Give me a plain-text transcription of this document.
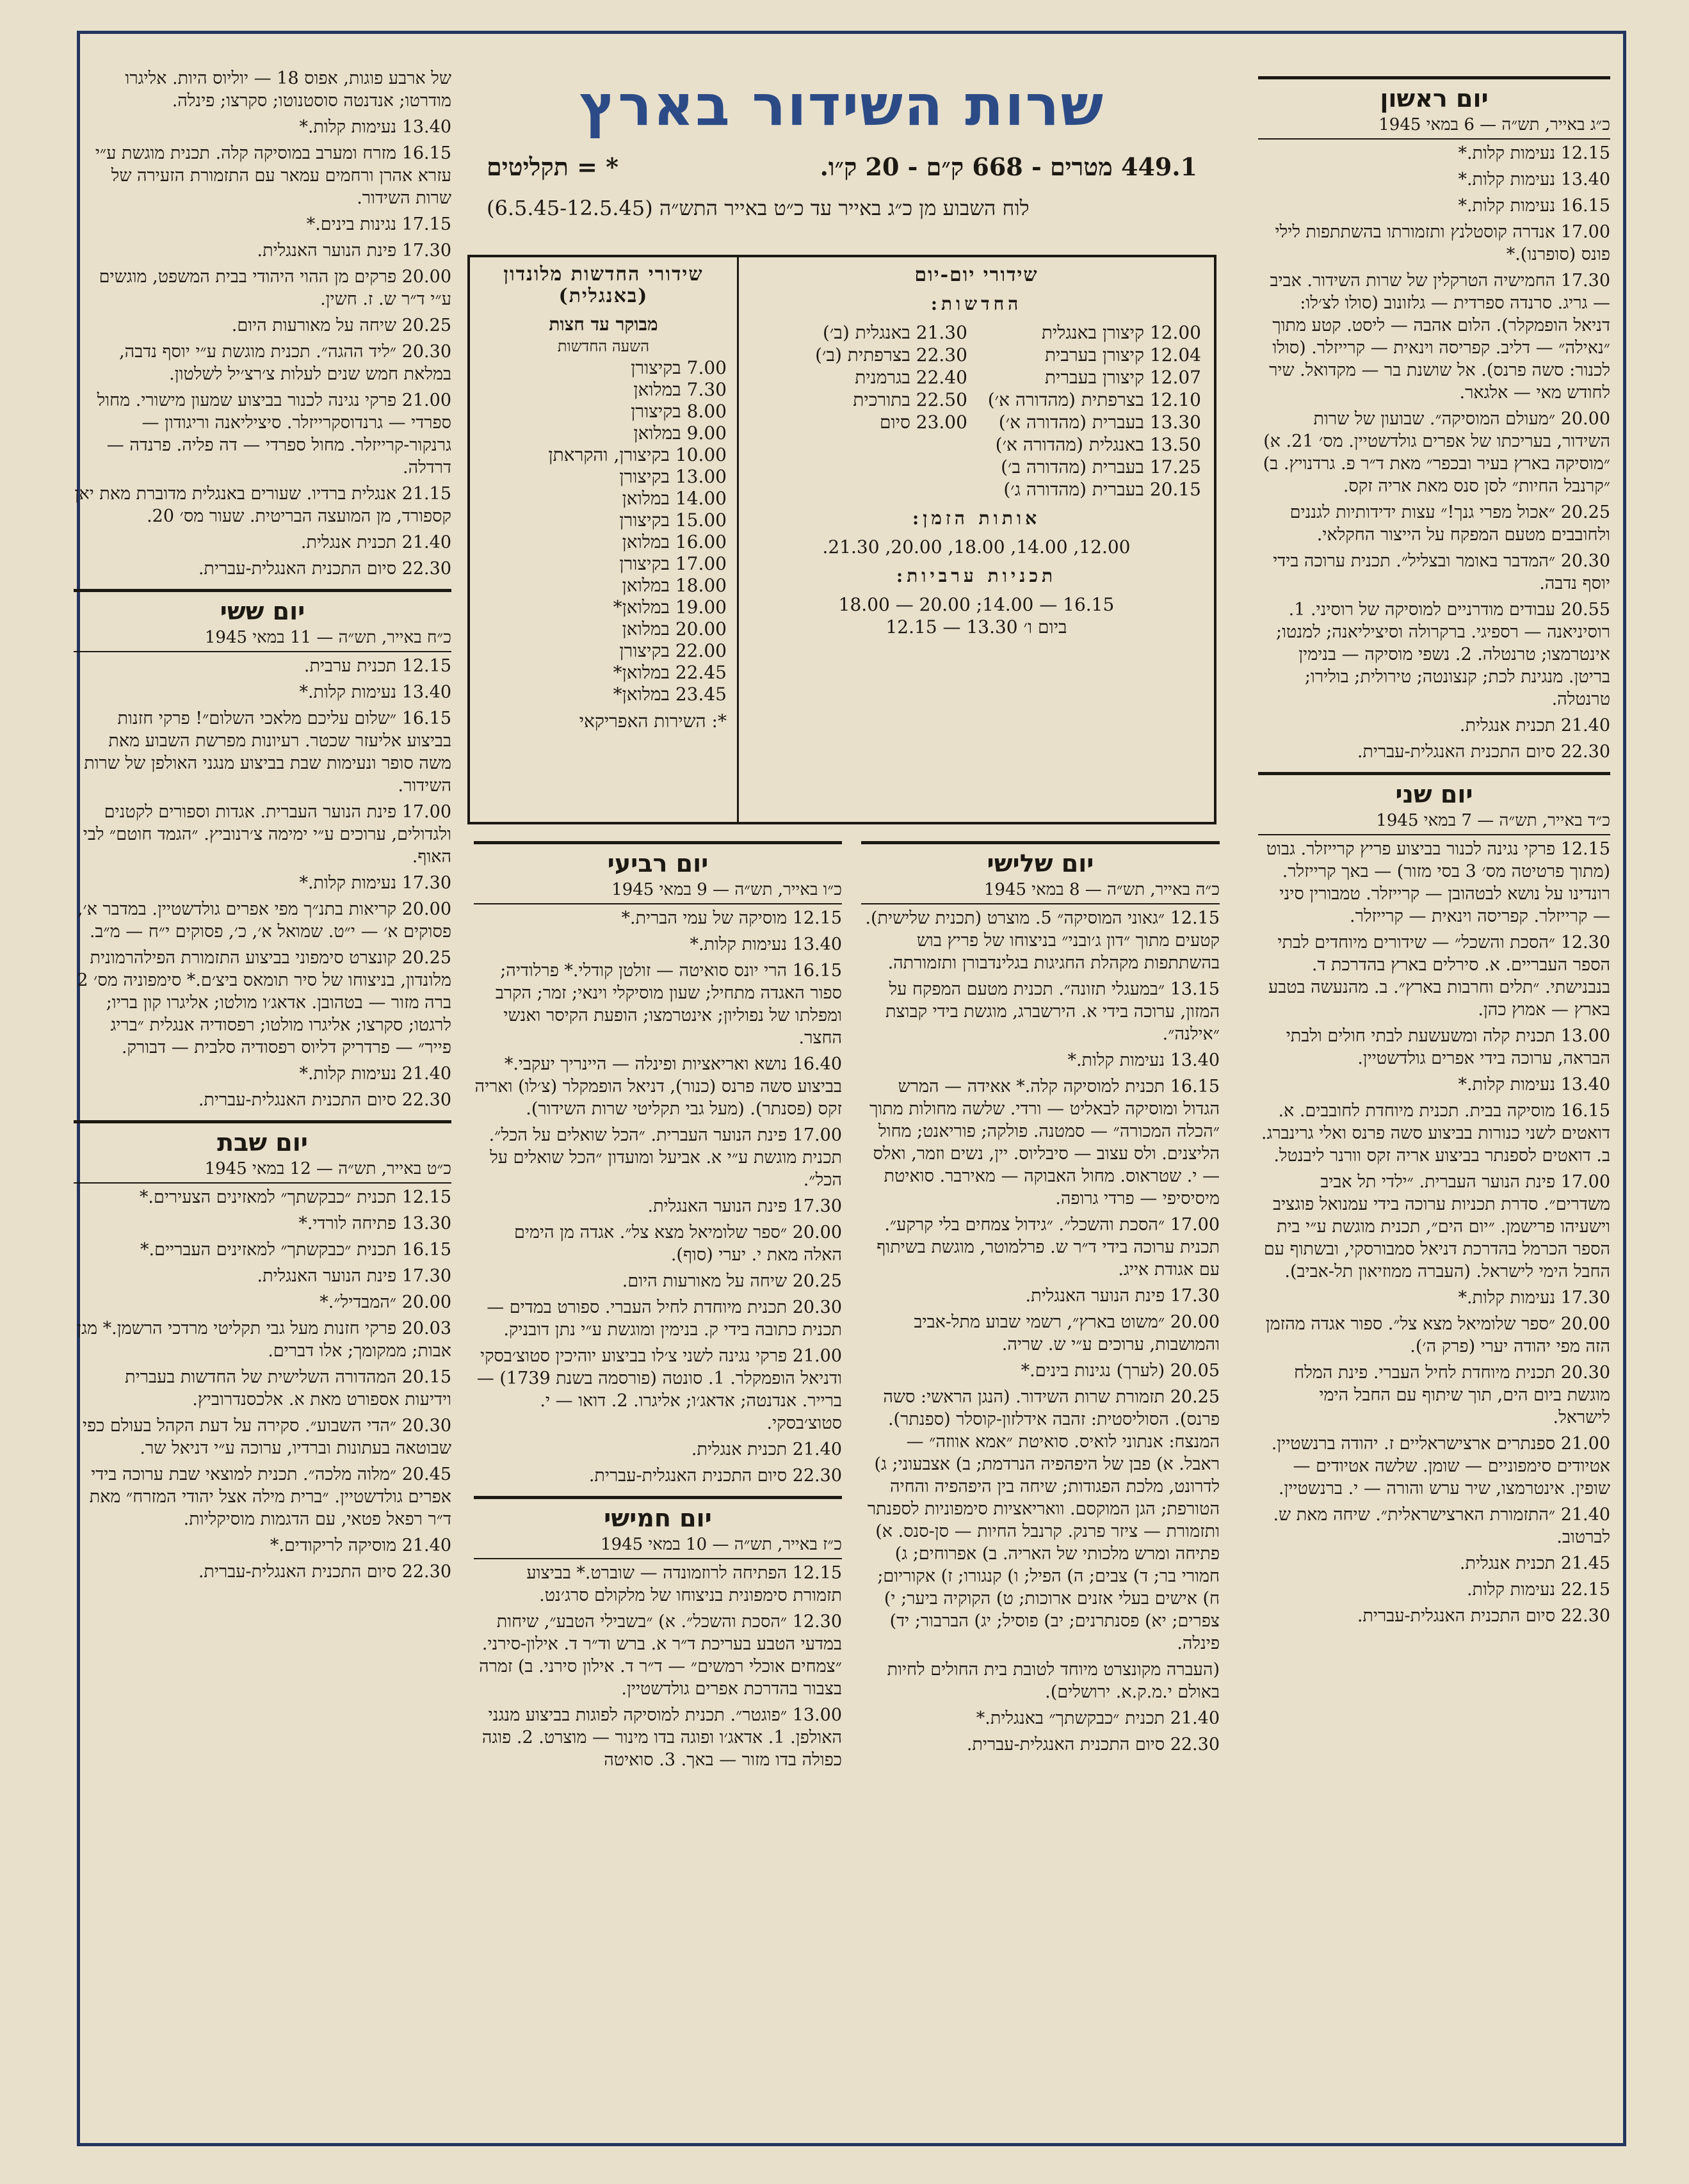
שרות השידור בארץ
449.1 מטרים - 668 ק״ם - 20 ק״ו.
* = תקליטים
לוח השבוע מן כ״ג באייר עד כ״ט באייר התש״ה (6.5.45-12.5.45)
שידורי יום-יום
החדשות:
12.00 קיצורן באנגלית
21.30 באנגלית (ב׳)
12.04 קיצורן בערבית
22.30 בצרפתית (ב׳)
12.07 קיצורן בעברית
22.40 בגרמנית
12.10 בצרפתית (מהדורה א׳)
22.50 בתורכית
13.30 בעברית (מהדורה א׳)
23.00 סיום
13.50 באנגלית (מהדורה א׳)
17.25 בעברית (מהדורה ב׳)
20.15 בעברית (מהדורה ג׳)
אותות הזמן:
12.00, 14.00, 18.00, 20.00, 21.30.
תכניות ערביות:
16.15 — 14.00; 20.00 — 18.00
ביום ו׳ 13.30 — 12.15
שידורי החדשות מלונדון (באנגלית)
מבוקר עד חצות
השעה החדשות
7.00 בקיצורן
7.30 במלואן
8.00 בקיצורן
9.00 במלואן
10.00 בקיצורן, והקראתן
13.00 בקיצורן
14.00 במלואן
15.00 בקיצורן
16.00 במלואן
17.00 בקיצורן
18.00 במלואן
19.00 במלואן*
20.00 במלואן
22.00 בקיצורן
22.45 במלואן*
23.45 במלואן*
*: השירות האפריקאי
יום ראשון
כ״ג באייר, תש״ה — 6 במאי 1945

12.15 נעימות קלות.*

13.40 נעימות קלות.*

16.15 נעימות קלות.*

17.00 אנדרה קוסטלנץ ותזמורתו בהשתתפות לילי פונס (סופרנו).*

17.30 החמישיה הטרקלין של שרות השידור. אביב — גריג. סרנדה ספרדית — גלזונוב (סולו לצ׳לו: דניאל הופמקלר). הלום אהבה — ליסט. קטע מתוך ״נאילה״ — דליב. קפריסה וינאית — קרייזלר. (סולו לכנור: סשה פרנס). אל שושנת בר — מקדואל. שיר לחודש מאי — אלגאר.

20.00 ״מעולם המוסיקה״. שבועון של שרות השידור, בעריכתו של אפרים גולדשטיין. מס׳ 21. א) ״מוסיקה בארץ בעיר ובכפר״ מאת ד״ר פ. גרדנויץ. ב) ״קרנבל החיות״ לסן סנס מאת אריה זקס.

20.25 ״אכול מפרי גנך!״ עצות ידידותיות לגננים ולחובבים מטעם המפקח על הייצור החקלאי.

20.30 ״המדבר באומר ובצליל״. תכנית ערוכה בידי יוסף נדבה.

20.55 עבודים מודרניים למוסיקה של רוסיני. 1. רוסיניאנה — רספיגי. ברקרולה וסיציליאנה; למנטו; אינטרמצו; טרנטלה. 2. נשפי מוסיקה — בנימין בריטן. מנגינת לכת; קנצונטה; טירולית; בולירו; טרנטלה.

21.40 תכנית אנגלית.

22.30 סיום התכנית האנגלית-עברית.

יום שני
כ״ד באייר, תש״ה — 7 במאי 1945

12.15 פרקי נגינה לכנור בביצוע פריץ קרייזלר. גבוט (מתוך פרטיטה מס׳ 3 בסי מזור) — באך קרייזלר. רונדינו על נושא לבטהובן — קרייזלר. טמבורין סיני — קרייזלר. קפריסה וינאית — קרייזלר.

12.30 ״הסכת והשכל״ — שידורים מיוחדים לבתי הספר העבריים. א. סירלים בארץ בהדרכת ד. בנבנישתי. ״תלים וחרבות בארץ״. ב. מהנעשה בטבע בארץ — אמוץ כהן.

13.00 תכנית קלה ומשעשעת לבתי חולים ולבתי הבראה, ערוכה בידי אפרים גולדשטיין.

13.40 נעימות קלות.*

16.15 מוסיקה בבית. תכנית מיוחדת לחובבים. א. דואטים לשני כנורות בביצוע סשה פרנס ואלי גרינברג. ב. דואטים לספנתר בביצוע אריה זקס וורנר ליבנטל.

17.00 פינת הנוער העברית. ״ילדי תל אביב משדרים״. סדרת תכניות ערוכה בידי עמנואל פוגציב וישעיהו פרישמן. ״יום הים״, תכנית מוגשת ע״י בית הספר הכרמל בהדרכת דניאל סמבורסקי, ובשתוף עם החבל הימי לישראל. (העברה ממוזיאון תל-אביב).

17.30 נעימות קלות.*

20.00 ״ספר שלומיאל מצא צל״. ספור אגדה מהזמן הזה מפי יהודה יערי (פרק ה׳).

20.30 תכנית מיוחדת לחיל העברי. פינת המלח מוגשת ביום הים, תוך שיתוף עם החבל הימי לישראל.

21.00 ספנתרים ארצישראליים ז. יהודה ברנשטיין. אטיודים סימפוניים — שומן. שלשה אטיודים — שופין. אינטרמצו, שיר ערש והורה — י. ברנשטיין.

21.40 ״התזמורת הארצישראלית״. שיחה מאת ש. לברטוב.

21.45 תכנית אנגלית.

22.15 נעימות קלות.

22.30 סיום התכנית האנגלית-עברית.

יום שלישי
כ״ה באייר, תש״ה — 8 במאי 1945

12.15 ״גאוני המוסיקה״ 5. מוצרט (תכנית שלישית). קטעים מתוך ״דון ג׳ובני״ בניצוחו של פריץ בוש בהשתתפות מקהלת החגיגות בגלינדבורן ותזמורתה.

13.15 ״במעגלי תזונה״. תכנית מטעם המפקח על המזון, ערוכה בידי א. הירשברג, מוגשת בידי קבוצת ״אילנה״.

13.40 נעימות קלות.*

16.15 תכנית למוסיקה קלה.* אאידה — המרש הגדול ומוסיקה לבאליט — ורדי. שלשה מחולות מתוך ״הכלה המכורה״ — סמטנה. פולקה; פוריאנט; מחול הליצנים. ולס עצוב — סיבליוס. יין, נשים וזמר, ואלס — י. שטראוס. מחול האבוקה — מאירבר. סואיטת מיסיסיפי — פרדי גרופה.

17.00 ״הסכת והשכל״. ״גידול צמחים בלי קרקע״. תכנית ערוכה בידי ד״ר ש. פרלמוטר, מוגשת בשיתוף עם אגודת אייג.

17.30 פינת הנוער האנגלית.

20.00 ״משוט בארץ״, רשמי שבוע מתל-אביב והמושבות, ערוכים ע״י ש. שריה.

20.05 (לערך) נגינות בינים.*

20.25 תזמורת שרות השידור. (הנגן הראשי: סשה פרנס). הסוליסטית: זהבה אידלזון-קוסלר (ספנתר). המנצח: אנתוני לואיס. סואיטת ״אמא אווזה״ — ראבל. א) פבן של היפהפיה הנרדמת; ב) אצבעוני; ג) לדרונט, מלכת הפגודות; שיחה בין היפהפיה והחיה הטורפת; הגן המוקסם. וואריאציות סימפוניות לספנתר ותזמורת — ציזר פרנק. קרנבל החיות — סן-סנס. א) פתיחה ומרש מלכותי של האריה. ב) אפרוחים; ג) חמורי בר; ד) צבים; ה) הפיל; ו) קנגורו; ז) אקוריום; ח) אישים בעלי אזנים ארוכות; ט) הקוקיה ביער; י) צפרים; יא) פסנתרנים; יב) פוסיל; יג) הברבור; יד) פינלה.

(העברה מקונצרט מיוחד לטובת בית החולים לחיות באולם י.מ.ק.א. ירושלים).

21.40 תכנית ״כבקשתך״ באנגלית.*

22.30 סיום התכנית האנגלית-עברית.

יום רביעי
כ״ו באייר, תש״ה — 9 במאי 1945

12.15 מוסיקה של עמי הברית.*

13.40 נעימות קלות.*

16.15 הרי יונס סואיטה — זולטן קודלי.* פרלודיה; ספור האגדה מתחיל; שעון מוסיקלי וינאי; זמר; הקרב ומפלתו של נפוליון; אינטרמצו; הופעת הקיסר ואנשי החצר.

16.40 נושא ואריאציות ופינלה — היינריך יעקבי.* בביצוע סשה פרנס (כנור), דניאל הופמקלר (צ׳לו) ואריה זקס (פסנתר). (מעל גבי תקליטי שרות השידור).

17.00 פינת הנוער העברית. ״הכל שואלים על הכל״. תכנית מוגשת ע״י א. אביעל ומועדון ״הכל שואלים על הכל״.

17.30 פינת הנוער האנגלית.

20.00 ״ספר שלומיאל מצא צל״. אגדה מן הימים האלה מאת י. יערי (סוף).

20.25 שיחה על מאורעות היום.

20.30 תכנית מיוחדת לחיל העברי. ספורט במדים — תכנית כתובה בידי ק. בנימין ומוגשת ע״י נתן דובניק.

21.00 פרקי נגינה לשני צ׳לו בביצוע יוהיכין סטוצ׳בסקי ודניאל הופמקלר. 1. סונטה (פורסמה בשנת 1739) — ברייר. אנדנטה; אדאג׳ו; אליגרו. 2. דואו — י. סטוצ׳בסקי.

21.40 תכנית אנגלית.

22.30 סיום התכנית האנגלית-עברית.

יום חמישי
כ״ז באייר, תש״ה — 10 במאי 1945

12.15 הפתיחה לרוזמונדה — שוברט.* בביצוע תזמורת סימפונית בניצוחו של מלקולם סרג׳נט.

12.30 ״הסכת והשכל״. א) ״בשבילי הטבע״, שיחות במדעי הטבע בעריכת ד״ר א. ברש וד״ר ד. אילון-סירני. ״צמחים אוכלי רמשים״ — ד״ר ד. אילון סירני. ב) זמרה בצבור בהדרכת אפרים גולדשטיין.

13.00 ״פוגטר״. תכנית למוסיקה לפוגות בביצוע מנגני האולפן. 1. אדאג׳ו ופוגה בדו מינור — מוצרט. 2. פוגה כפולה בדו מזור — באך. 3. סואיטה

של ארבע פוגות, אפוס 18 — יוליוס היות. אליגרו מודרטו; אנדנטה סוסטנוטו; סקרצו; פינלה.

13.40 נעימות קלות.*

16.15 מזרח ומערב במוסיקה קלה. תכנית מוגשת ע״י עזרא אהרן ורחמים עמאר עם התזמורת הזעירה של שרות השידור.

17.15 נגינות בינים.*

17.30 פינת הנוער האנגלית.

20.00 פרקים מן ההוי היהודי בבית המשפט, מוגשים ע״י ד״ר ש. ז. חשין.

20.25 שיחה על מאורעות היום.

20.30 ״ליד ההגה״. תכנית מוגשת ע״י יוסף נדבה, במלאת חמש שנים לעלות צ׳רצ׳יל לשלטון.

21.00 פרקי נגינה לכנור בביצוע שמעון מישורי. מחול ספרדי — גרנדוסקרייזלר. סיציליאנה וריגודון — גרנקור-קרייזלר. מחול ספרדי — דה פליה. פרנדה — דרדלה.

21.15 אנגלית ברדיו. שעורים באנגלית מדוברת מאת יאן קספורד, מן המועצה הבריטית. שעור מס׳ 20.

21.40 תכנית אנגלית.

22.30 סיום התכנית האנגלית-עברית.

יום ששי
כ״ח באייר, תש״ה — 11 במאי 1945

12.15 תכנית ערבית.

13.40 נעימות קלות.*

16.15 ״שלום עליכם מלאכי השלום״! פרקי חזנות בביצוע אליעזר שכטר. רעיונות מפרשת השבוע מאת משה סופר ונעימות שבת בביצוע מנגני האולפן של שרות השידור.

17.00 פינת הנוער העברית. אגדות וספורים לקטנים ולגדולים, ערוכים ע״י ימימה צ׳רנוביץ. ״הגמד חוטם״ לבי האוף.

17.30 נעימות קלות.*

20.00 קריאות בתנ״ך מפי אפרים גולדשטיין. במדבר א׳, פסוקים א׳ — י״ט. שמואל א׳, כ׳, פסוקים י״ח — מ״ב.

20.25 קונצרט סימפוני בביצוע התזמורת הפילהרמונית מלונדון, בניצוחו של סיר תומאס ביצ׳ם.* סימפוניה מס׳ 2 ברה מזור — בטהובן. אדאג׳ו מולטו; אליגרו קון בריו; לרגטו; סקרצו; אליגרו מולטו; רפסודיה אנגלית ״בריג פייר״ — פרדריק דליוס רפסודיה סלבית — דבורק.

21.40 נעימות קלות.*

22.30 סיום התכנית האנגלית-עברית.

יום שבת
כ״ט באייר, תש״ה — 12 במאי 1945

12.15 תכנית ״כבקשתך״ למאזינים הצעירים.*

13.30 פתיחה לורדי.*

16.15 תכנית ״כבקשתך״ למאזינים העבריים.*

17.30 פינת הנוער האנגלית.

20.00 ״המבדיל״.*

20.03 פרקי חזנות מעל גבי תקליטי מרדכי הרשמן.* מגן אבות; ממקומך; אלו דברים.

20.15 המהדורה השלישית של החדשות בעברית וידיעות אספורט מאת א. אלכסנדרוביץ.

20.30 ״הדי השבוע״. סקירה על דעת הקהל בעולם כפי שבוטאה בעתונות וברדיו, ערוכה ע״י דניאל שר.

20.45 ״מלוה מלכה״. תכנית למוצאי שבת ערוכה בידי אפרים גולדשטיין. ״ברית מילה אצל יהודי המזרח״ מאת ד״ר רפאל פטאי, עם הדגמות מוסיקליות.

21.40 מוסיקה לריקודים.*

22.30 סיום התכנית האנגלית-עברית.
